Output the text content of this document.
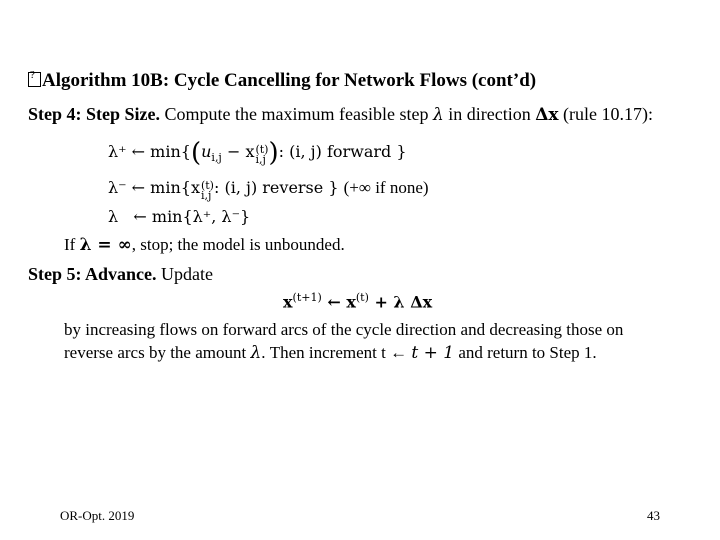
?Algorithm 10B: Cycle Cancelling for Network Flows (cont’d)
Step 4: Step Size. Compute the maximum feasible step λ in direction Δx (rule 10.17):
λ⁺ ← $\min\{(u_{i,j} - x(t)$
i,j): (i, j) forward }
λ⁻ ← min{x(t)
i,j : (i, j) reverse } (+∞ if none)
λ   ← min{λ⁺, λ⁻}
If λ = ∞, stop; the model is unbounded.
Step 5: Advance. Update
$x^{(t+1)}$ ← $x^{(t)} + \lambda$ Δx
by increasing flows on forward arcs of the cycle direction and decreasing those on
reverse arcs by the amount λ. Then increment t ← t + 1 and return to Step 1.
OR-Opt. 2019	43
